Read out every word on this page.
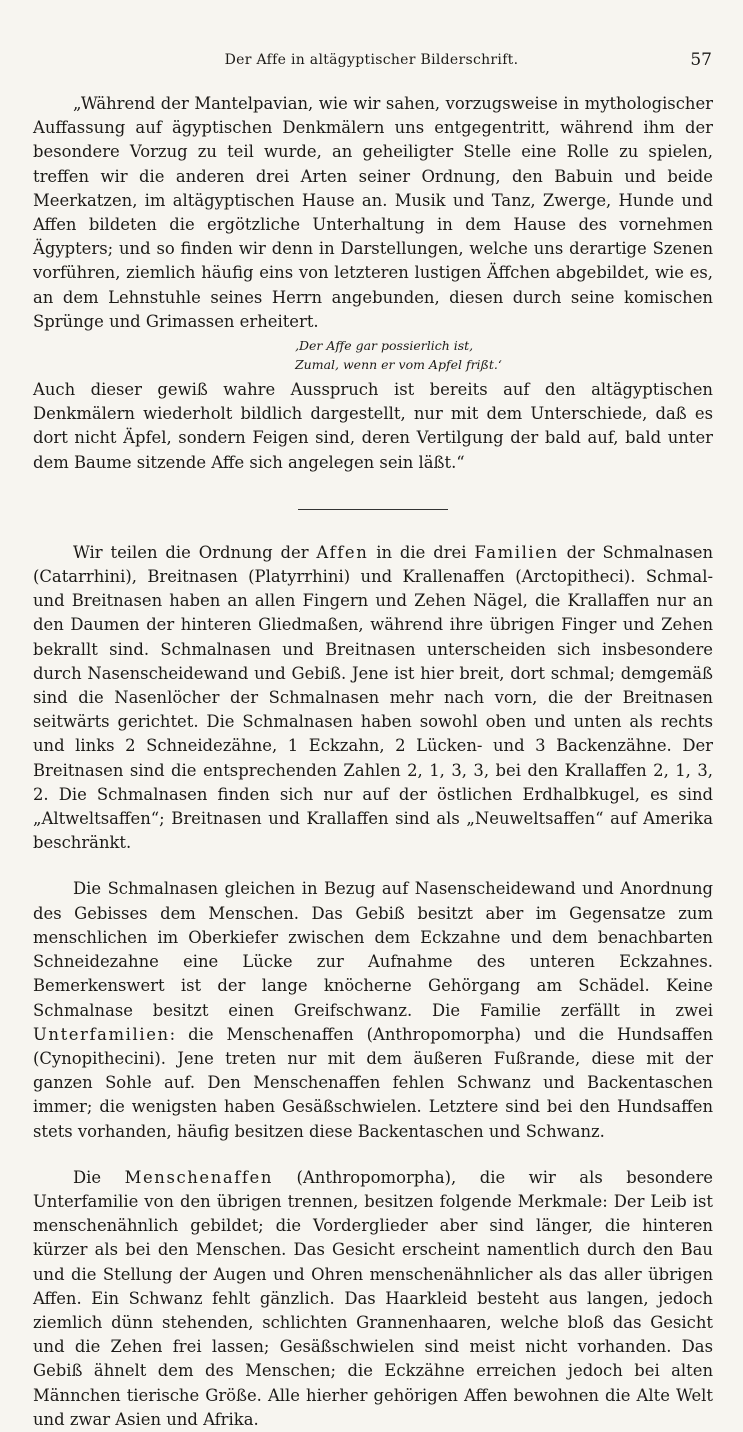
Der Affe in altägyptischer Bilderschrift.	57

„Während der Mantelpavian, wie wir sahen, vorzugsweise in mythologischer Auffassung auf ägyptischen Denkmälern uns entgegentritt, während ihm der besondere Vorzug zu teil wurde, an geheiligter Stelle eine Rolle zu spielen, treffen wir die anderen drei Arten seiner Ordnung, den Babuin und beide Meerkatzen, im altägyptischen Hause an. Musik und Tanz, Zwerge, Hunde und Affen bildeten die ergötzliche Unterhaltung in dem Hause des vornehmen Ägypters; und so finden wir denn in Darstellungen, welche uns derartige Szenen vorführen, ziemlich häufig eins von letzteren lustigen Äffchen abgebildet, wie es, an dem Lehnstuhle seines Herrn angebunden, diesen durch seine komischen Sprünge und Grimassen erheitert.

‚Der Affe gar possierlich ist,
Zumal, wenn er vom Apfel frißt.‘

Auch dieser gewiß wahre Ausspruch ist bereits auf den altägyptischen Denkmälern wiederholt bildlich dargestellt, nur mit dem Unterschiede, daß es dort nicht Äpfel, sondern Feigen sind, deren Vertilgung der bald auf, bald unter dem Baume sitzende Affe sich angelegen sein läßt.“

Wir teilen die Ordnung der Affen in die drei Familien der Schmalnasen (Catarrhini), Breitnasen (Platyrrhini) und Krallenaffen (Arctopitheci). Schmal- und Breitnasen haben an allen Fingern und Zehen Nägel, die Krallaffen nur an den Daumen der hinteren Gliedmaßen, während ihre übrigen Finger und Zehen bekrallt sind. Schmalnasen und Breitnasen unterscheiden sich insbesondere durch Nasenscheidewand und Gebiß. Jene ist hier breit, dort schmal; demgemäß sind die Nasenlöcher der Schmalnasen mehr nach vorn, die der Breitnasen seitwärts gerichtet. Die Schmalnasen haben sowohl oben und unten als rechts und links 2 Schneidezähne, 1 Eckzahn, 2 Lücken- und 3 Backenzähne. Der Breitnasen sind die entsprechenden Zahlen 2, 1, 3, 3, bei den Krallaffen 2, 1, 3, 2. Die Schmalnasen finden sich nur auf der östlichen Erdhalbkugel, es sind „Altweltsaffen“; Breitnasen und Krallaffen sind als „Neuweltsaffen“ auf Amerika beschränkt.

Die Schmalnasen gleichen in Bezug auf Nasenscheidewand und Anordnung des Gebisses dem Menschen. Das Gebiß besitzt aber im Gegensatze zum menschlichen im Oberkiefer zwischen dem Eckzahne und dem benachbarten Schneidezahne eine Lücke zur Aufnahme des unteren Eckzahnes. Bemerkenswert ist der lange knöcherne Gehörgang am Schädel. Keine Schmalnase besitzt einen Greifschwanz. Die Familie zerfällt in zwei Unterfamilien: die Menschenaffen (Anthropomorpha) und die Hundsaffen (Cynopithecini). Jene treten nur mit dem äußeren Fußrande, diese mit der ganzen Sohle auf. Den Menschenaffen fehlen Schwanz und Backentaschen immer; die wenigsten haben Gesäßschwielen. Letztere sind bei den Hundsaffen stets vorhanden, häufig besitzen diese Backentaschen und Schwanz.

Die Menschenaffen (Anthropomorpha), die wir als besondere Unterfamilie von den übrigen trennen, besitzen folgende Merkmale: Der Leib ist menschenähnlich gebildet; die Vorderglieder aber sind länger, die hinteren kürzer als bei den Menschen. Das Gesicht erscheint namentlich durch den Bau und die Stellung der Augen und Ohren menschenähnlicher als das aller übrigen Affen. Ein Schwanz fehlt gänzlich. Das Haarkleid besteht aus langen, jedoch ziemlich dünn stehenden, schlichten Grannenhaaren, welche bloß das Gesicht und die Zehen frei lassen; Gesäßschwielen sind meist nicht vorhanden. Das Gebiß ähnelt dem des Menschen; die Eckzähne erreichen jedoch bei alten Männchen tierische Größe. Alle hierher gehörigen Affen bewohnen die Alte Welt und zwar Asien und Afrika.
